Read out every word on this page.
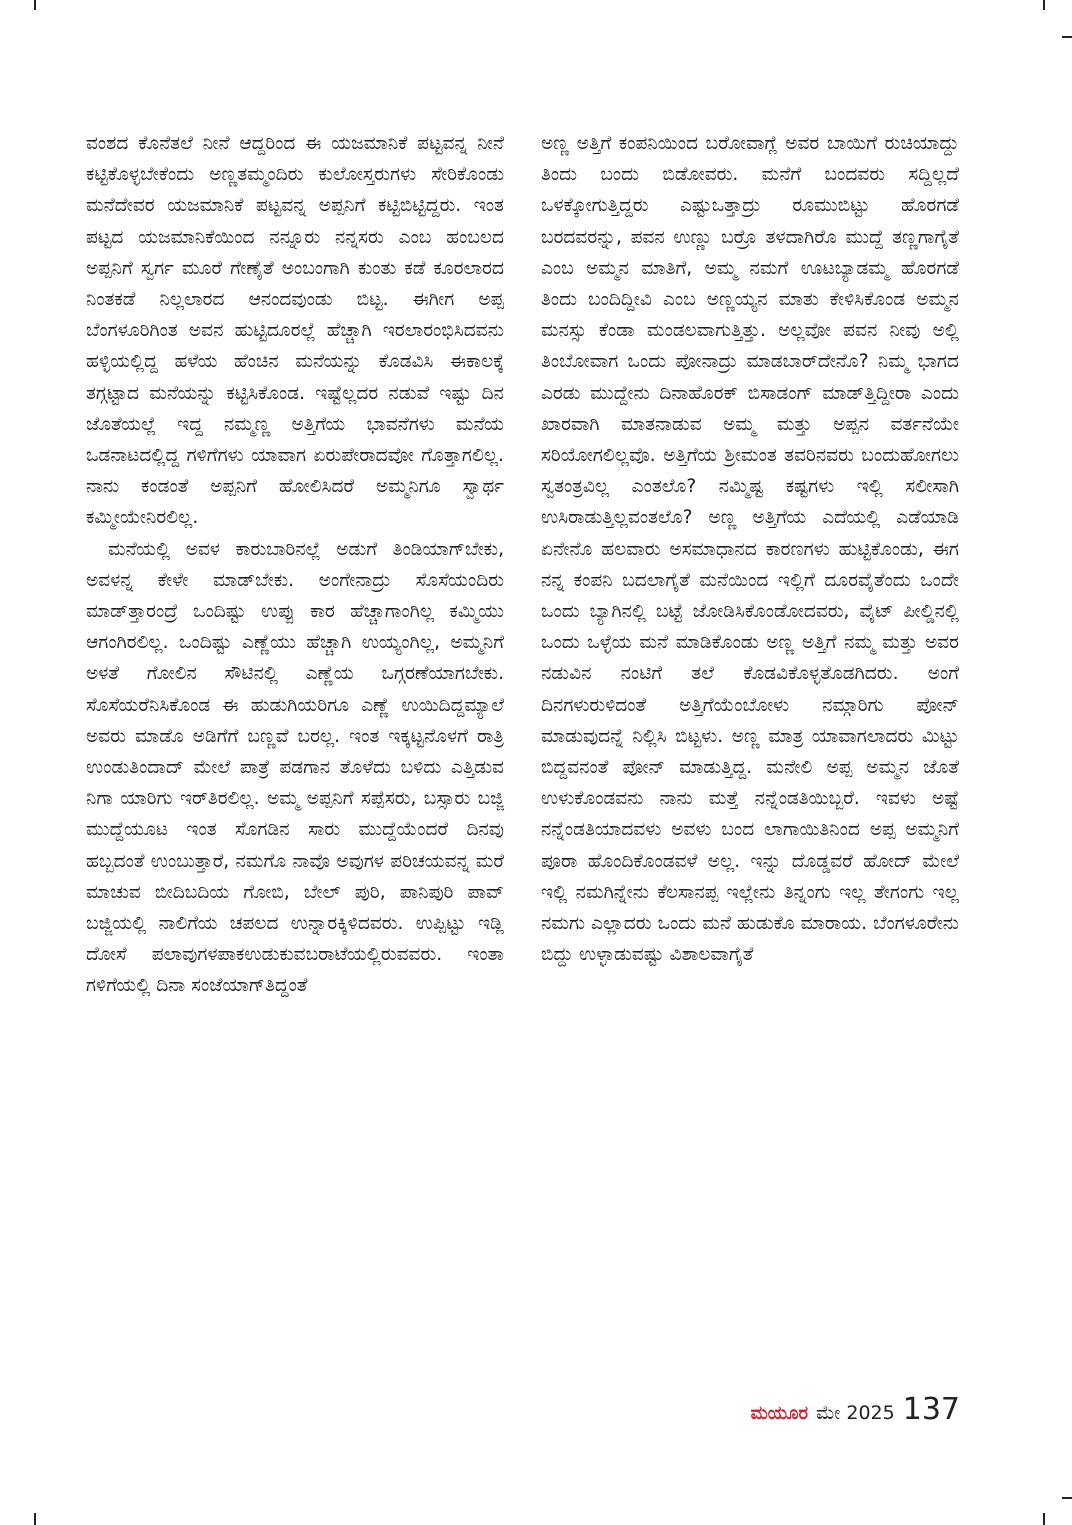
ವಂಶದ ಕೊನೆತಲೆ ನೀನೆ ಆದ್ದರಿಂದ ಈ ಯಜಮಾನಿಕೆ ಪಟ್ಟವನ್ನ ನೀನೆ ಕಟ್ಟಿಕೊಳ್ಳಬೇಕೆಂದು ಅಣ್ಣತಮ್ಮಂದಿರು ಕುಲೋಸ್ತರುಗಳು ಸೇರಿಕೊಂಡು ಮನೆದೇವರ ಯಜಮಾನಿಕೆ ಪಟ್ಟವನ್ನ ಅಪ್ಪನಿಗೆ ಕಟ್ಟಿಬಿಟ್ಟಿದ್ದರು. ಇಂತ ಪಟ್ಟದ ಯಜಮಾನಿಕೆಯಿಂದ ನನ್ನೂರು ನನ್ನಸರು ಎಂಬ ಹಂಬಲದ ಅಪ್ಪನಿಗೆ ಸ್ವರ್ಗ ಮೂರೆ ಗೇಣೈತೆ ಅಂಬಂಗಾಗಿ ಕುಂತು ಕಡೆ ಕೂರಲಾರದ ನಿಂತಕಡೆ ನಿಲ್ಲಲಾರದ ಆನಂದವುಂಡು ಬಿಟ್ಟ. ಈಗೀಗ ಅಪ್ಪ ಬೆಂಗಳೂರಿಗಿಂತ ಅವನ ಹುಟ್ಟಿದೂರಲ್ಲೆ ಹೆಚ್ಚಾಗಿ ಇರಲಾರಂಭಿಸಿದವನು ಹಳ್ಳಿಯಲ್ಲಿದ್ದ ಹಳೆಯ ಹೆಂಚಿನ ಮನೆಯನ್ನು ಕೊಡವಿಸಿ ಈಕಾಲಕ್ಕೆ ತಗ್ಗಟ್ಟಾದ ಮನೆಯನ್ನು ಕಟ್ಟಿಸಿಕೊಂಡ. ಇಷ್ಟೆಲ್ಲದರ ನಡುವೆ ಇಷ್ಟು ದಿನ ಜೊತೆಯಲ್ಲೆ ಇದ್ದ ನಮ್ಮಣ್ಣ ಅತ್ತಿಗೆಯ ಭಾವನೆಗಳು ಮನೆಯ ಒಡನಾಟದಲ್ಲಿದ್ದ ಗಳಿಗೆಗಳು ಯಾವಾಗ ಏರುಪೇರಾದವೋ ಗೊತ್ತಾಗಲಿಲ್ಲ. ನಾನು ಕಂಡಂತೆ ಅಪ್ಪನಿಗೆ ಹೋಲಿಸಿದರೆ ಅಮ್ಮನಿಗೂ ಸ್ವಾರ್ಥ ಕಮ್ಮೀಯೇನಿರಲಿಲ್ಲ.

ಮನೆಯಲ್ಲಿ ಅವಳ ಕಾರುಬಾರಿನಲ್ಲೆ ಅಡುಗೆ ತಿಂಡಿಯಾಗ್‌ಬೇಕು, ಅವಳನ್ನ ಕೇಳೇ ಮಾಡ್‌ಬೇಕು. ಅಂಗೇನಾದ್ರು ಸೊಸೆಯಂದಿರು ಮಾಡ್‌ತ್ತಾರಂದ್ರೆ ಒಂದಿಷ್ಟು ಉಪ್ಪು ಕಾರ ಹೆಚ್ಚಾಗಾಂಗಿಲ್ಲ ಕಮ್ಮಿಯು ಆಗಂಗಿರಲಿಲ್ಲ. ಒಂದಿಷ್ಟು ಎಣ್ಣೆಯು ಹೆಚ್ಚಾಗಿ ಉಯ್ಯಂಗಿಲ್ಲ, ಅಮ್ಮನಿಗೆ ಅಳತೆ ಗೋಲಿನ ಸೌಟಿನಲ್ಲಿ ಎಣ್ಣೆಯ ಒಗ್ಗರಣೆಯಾಗಬೇಕು. ಸೊಸೆಯರೆನಿಸಿಕೊಂಡ ಈ ಹುಡುಗಿಯರಿಗೂ ಎಣ್ಣೆ ಉಯಿದಿದ್ದಮ್ಯಾಲೆ ಅವರು ಮಾಡೊ ಅಡಿಗೆಗೆ ಬಣ್ಣವೆ ಬರಲ್ಲ. ಇಂತ ಇಕ್ಕಟ್ಟನೊಳಗೆ ರಾತ್ರಿ ಉಂಡುತಿಂದಾದ್ ಮೇಲೆ ಪಾತ್ರೆ ಪಡಗಾನ ತೊಳೆದು ಬಳಿದು ಎತ್ತಿಡುವ ನಿಗಾ ಯಾರಿಗು ಇರ್‌ತಿರಲಿಲ್ಲ. ಅಮ್ಮ ಅಪ್ಪನಿಗೆ ಸಪ್ಪೆಸರು, ಬಸ್ಸಾರು ಬಜ್ಜಿ ಮುದ್ದೆಯೂಟ ಇಂತ ಸೊಗಡಿನ ಸಾರು ಮುದ್ದೆಯೆಂದರೆ ದಿನವು ಹಬ್ಬದಂತೆ ಉಂಬುತ್ತಾರೆ, ನಮಗೊ ನಾವೊ ಅವುಗಳ ಪರಿಚಯವನ್ನ ಮರೆ ಮಾಚುವ ಬೀದಿಬದಿಯ ಗೋಬಿ, ಬೇಲ್ ಪುರಿ, ಪಾನಿಪುರಿ ಪಾವ್ ಬಜ್ಜಿಯಲ್ಲಿ ನಾಲಿಗೆಯ ಚಪಲದ ಉನ್ನಾರಕ್ಕಿಳಿದವರು. ಉಪ್ಪಿಟ್ಟು ಇಡ್ಲಿ ದೋಸೆ ಪಲಾವುಗಳಪಾಕಉಡುಕುವಬರಾಟೆಯಲ್ಲಿರುವವರು. ಇಂತಾ ಗಳಿಗೆಯಲ್ಲಿ ದಿನಾ ಸಂಜೆಯಾಗ್‌ತಿದ್ದಂತೆ

ಅಣ್ಣ ಅತ್ತಿಗೆ ಕಂಪನಿಯಿಂದ ಬರೋವಾಗ್ಲೆ ಅವರ ಬಾಯಿಗೆ ರುಚಿಯಾದ್ದು ತಿಂದು ಬಂದು ಬಿಡೋವರು. ಮನೆಗೆ ಬಂದವರು ಸದ್ದಿಲ್ಲದೆ ಒಳಕ್ಕೋಗುತ್ತಿದ್ದರು ಎಷ್ಟುಒತ್ತಾದ್ರು ರೂಮುಬಿಟ್ಟು ಹೊರಗಡೆ ಬರದವರನ್ನು, ಪವನ ಉಣ್ಣು ಬರ್ರೊ ತಳದಾಗಿರೊ ಮುದ್ದೆ ತಣ್ಣಗಾಗೈತೆ ಎಂಬ ಅಮ್ಮನ ಮಾತಿಗೆ, ಅಮ್ಮ ನಮಗೆ ಊಟಬ್ಯಾಡಮ್ಮ ಹೊರಗಡೆ ತಿಂದು ಬಂದಿದ್ದೀವಿ ಎಂಬ ಅಣ್ಣಯ್ಯನ ಮಾತು ಕೇಳಿಸಿಕೊಂಡ ಅಮ್ಮನ ಮನಸ್ಸು ಕೆಂಡಾ ಮಂಡಲವಾಗುತ್ತಿತ್ತು. ಅಲ್ಲವೋ ಪವನ ನೀವು ಅಲ್ಲಿ ತಿಂಬೋವಾಗ ಒಂದು ಪೋನಾದ್ರು ಮಾಡಬಾರ್‌ದೇನೊ? ನಿಮ್ಮ ಭಾಗದ ಎರಡು ಮುದ್ದೇನು ದಿನಾಹೊರಕ್ ಬಿಸಾಡಂಗ್ ಮಾಡ್‌ತ್ತಿದ್ದೀರಾ ಎಂದು ಖಾರವಾಗಿ ಮಾತನಾಡುವ ಅಮ್ಮ ಮತ್ತು ಅಪ್ಪನ ವರ್ತನೆಯೇ ಸರಿಯೋಗಲಿಲ್ಲವೊ. ಅತ್ತಿಗೆಯ ಶ್ರೀಮಂತ ತವರಿನವರು ಬಂದುಹೋಗಲು ಸ್ವತಂತ್ರವಿಲ್ಲ ಎಂತಲೊ? ನಮ್ಮಿಷ್ಟ ಕಷ್ಟಗಳು ಇಲ್ಲಿ ಸಲೀಸಾಗಿ ಉಸಿರಾಡುತ್ತಿಲ್ಲವಂತಲೊ? ಅಣ್ಣ ಅತ್ತಿಗೆಯ ಎದೆಯಲ್ಲಿ ಎಡೆಯಾಡಿ ಏನೇನೊ ಹಲವಾರು ಅಸಮಾಧಾನದ ಕಾರಣಗಳು ಹುಟ್ಟಿಕೊಂಡು, ಈಗ ನನ್ನ ಕಂಪನಿ ಬದಲಾಗೈತೆ ಮನೆಯಿಂದ ಇಲ್ಲಿಗೆ ದೂರವೈತೆಂದು ಒಂದೇ ಒಂದು ಬ್ಯಾಗಿನಲ್ಲಿ ಬಟ್ಟೆ ಜೋಡಿಸಿಕೊಂಡೋದವರು, ವೈಟ್ ಪೀಲ್ಡಿನಲ್ಲಿ ಒಂದು ಒಳ್ಳೆಯ ಮನೆ ಮಾಡಿಕೊಂಡು ಅಣ್ಣ ಅತ್ತಿಗೆ ನಮ್ಮ ಮತ್ತು ಅವರ ನಡುವಿನ ನಂಟಿಗೆ ತಲೆ ಕೊಡವಿಕೊಳ್ಳತೊಡಗಿದರು. ಅಂಗೆ ದಿನಗಳುರುಳಿದಂತೆ ಅತ್ತಿಗೆಯೆಂಬೋಳು ನಮ್ಗಾರಿಗು ಪೋನ್ ಮಾಡುವುದನ್ನೆ ನಿಲ್ಲಿಸಿ ಬಿಟ್ಟಳು. ಅಣ್ಣ ಮಾತ್ರ ಯಾವಾಗಲಾದರು ಮಿಟ್ಟು ಬಿದ್ದವನಂತೆ ಪೋನ್ ಮಾಡುತ್ತಿದ್ದ. ಮನೇಲಿ ಅಪ್ಪ ಅಮ್ಮನ ಜೊತೆ ಉಳುಕೊಂಡವನು ನಾನು ಮತ್ತೆ ನನ್ನೆಂಡತಿಯಿಬ್ಬರೆ. ಇವಳು ಅಷ್ಟೆ ನನ್ನೆಂಡತಿಯಾದವಳು ಅವಳು ಬಂದ ಲಾಗಾಯಿತಿನಿಂದ ಅಪ್ಪ ಅಮ್ಮನಿಗೆ ಪೂರಾ ಹೊಂದಿಕೊಂಡವಳೆ ಅಲ್ಲ. ಇನ್ನು ದೊಡ್ಡವರೆ ಹೋದ್ ಮೇಲೆ ಇಲ್ಲಿ ನಮಗಿನ್ನೇನು ಕೆಲಸಾನಪ್ಪ ಇಲ್ಲೇನು ತಿನ್ನಂಗು ಇಲ್ಲ ತೇಗಂಗು ಇಲ್ಲ ನಮಗು ಎಲ್ಲಾದರು ಒಂದು ಮನೆ ಹುಡುಕೊ ಮಾರಾಯ. ಬೆಂಗಳೂರೇನು ಬಿದ್ದು ಉಳ್ಳಾಡುವಷ್ಟು ವಿಶಾಲವಾಗೈತೆ

ಮಯೂರ ಮೇ 2025 137
